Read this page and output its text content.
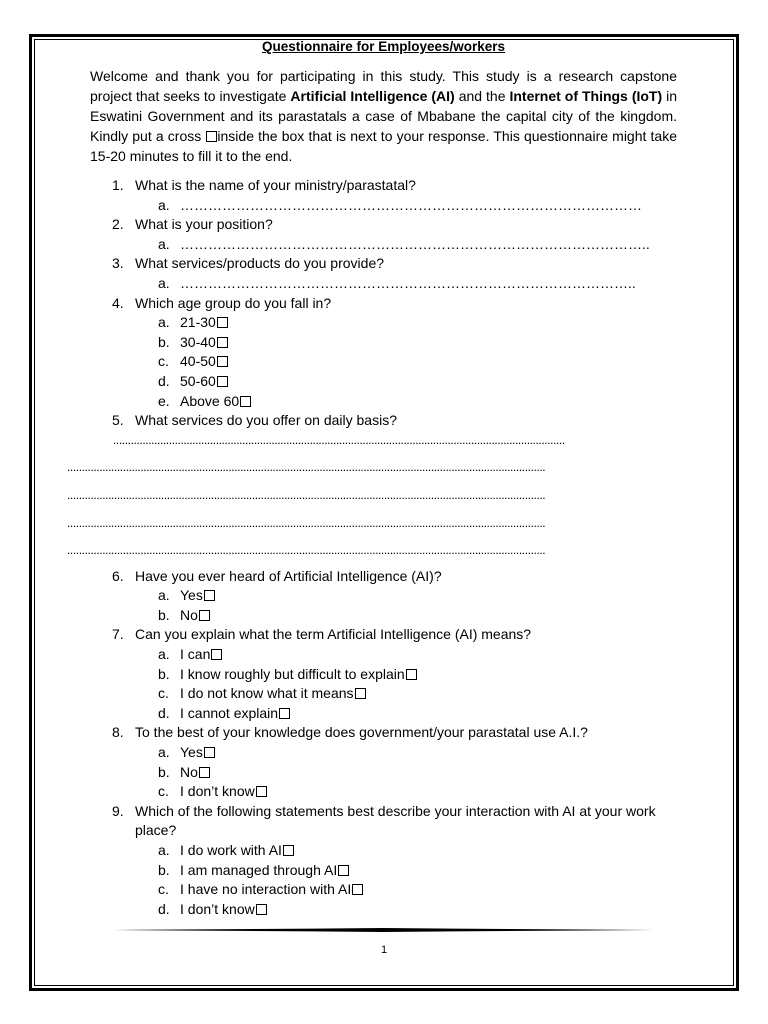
Questionnaire for Employees/workers

Welcome and thank you for participating in this study. This study is a research capstone project that seeks to investigate Artificial Intelligence (AI) and the Internet of Things (IoT) in Eswatini Government and its parastatals a case of Mbabane the capital city of the kingdom. Kindly put a cross inside the box that is next to your response. This questionnaire might take 15-20 minutes to fill it to the end.

1. What is the name of your ministry/parastatal?
a. ………………………………………………………………………………………
2. What is your position?
a. ………………………………………………………………………………………..
3. What services/products do you provide?
a. ……………………………………………………………………………………..
4. Which age group do you fall in?
a. 21-30
b. 30-40
c. 40-50
d. 50-60
e. Above 60
5. What services do you offer on daily basis?
..........................................................................................................................................................
...................................................................................................................................................................
...................................................................................................................................................................
...................................................................................................................................................................
...................................................................................................................................................................
6. Have you ever heard of Artificial Intelligence (AI)?
a. Yes
b. No
7. Can you explain what the term Artificial Intelligence (AI) means?
a. I can
b. I know roughly but difficult to explain
c. I do not know what it means
d. I cannot explain
8. To the best of your knowledge does government/your parastatal use A.I.?
a. Yes
b. No
c. I don’t know
9. Which of the following statements best describe your interaction with AI at your work place?
a. I do work with AI
b. I am managed through AI
c. I have no interaction with AI
d. I don’t know
1
